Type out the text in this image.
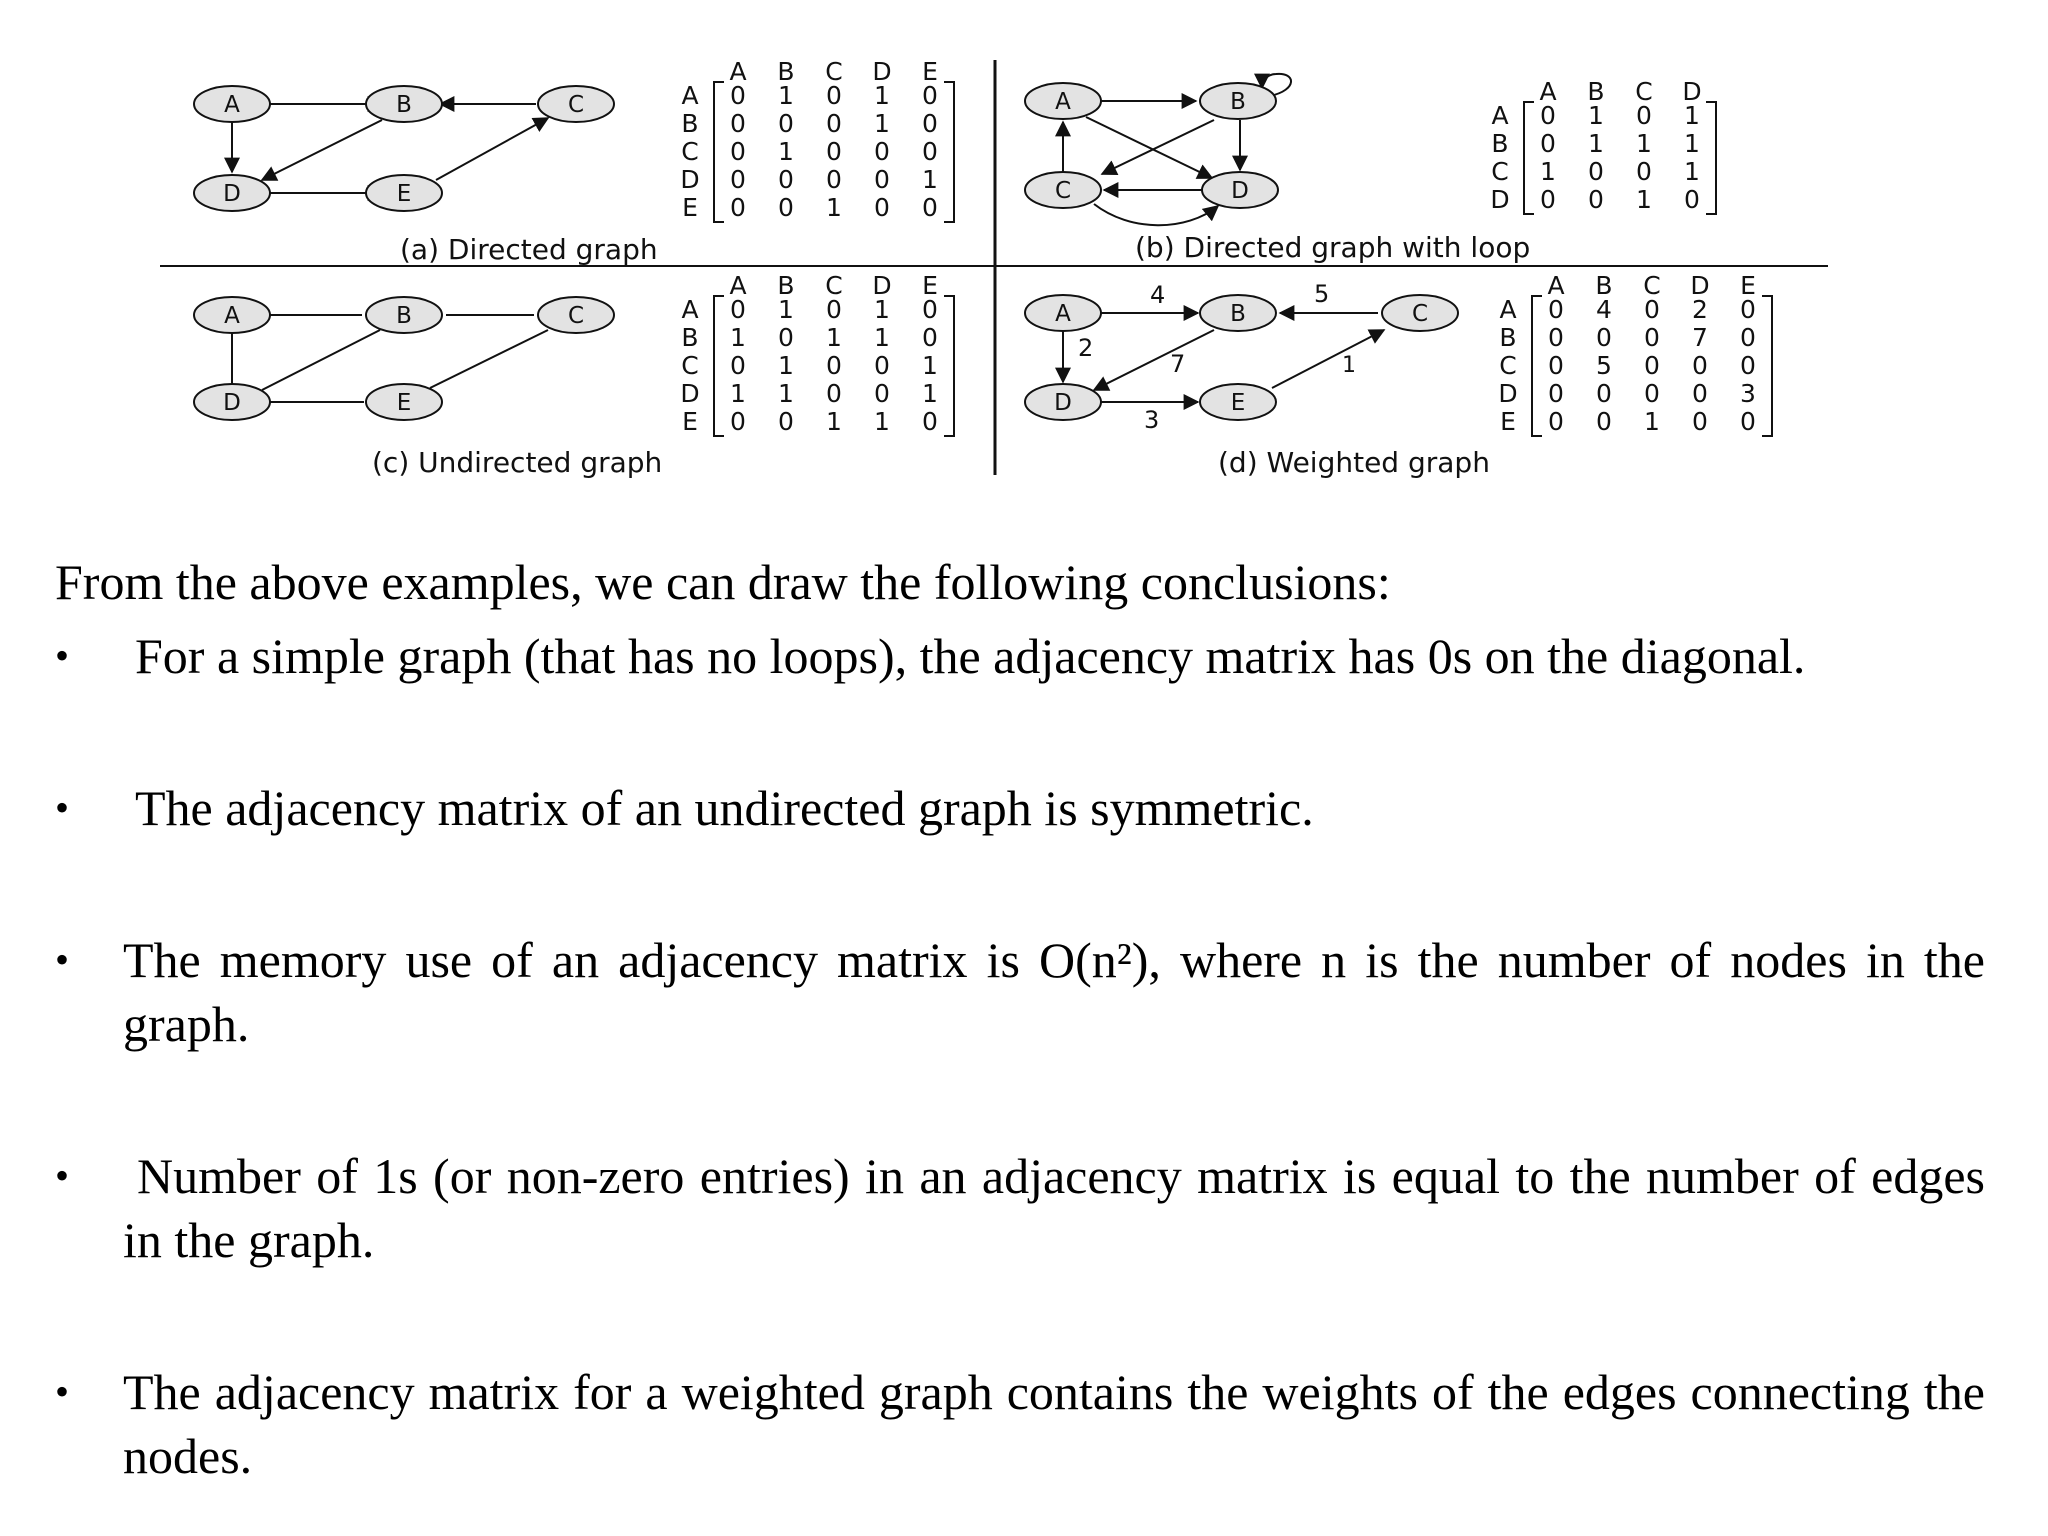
4	5
2
7	1
3
A	B	C
D	E
A	B
C	D
A	B	C
D	E
A	B	C
D	E
A B C D E
A 0 1 0 1 0
B 0 0 0 1 0
C 0 1 0 0 0
D 0 0 0 0 1
E 0 0 1 0 0
A B C D
A 0 1 0 1
B 0 1 1 1
C 1 0 0 1
D 0 0 1 0
A B C D E
A 0 1 0 1 0
B 1 0 1 1 0
C 0 1 0 0 1
D 1 1 0 0 1
E 0 0 1 1 0
A B C D E
A 0 4 0 2 0
B 0 0 0 7 0
C 0 5 0 0 0
D 0 0 0 0 3
E 0 0 1 0 0
(a) Directed graph	(b) Directed graph with loop
(c) Undirected graph	(d) Weighted graph

From the above examples, we can draw the following conclusions:

• For a simple graph (that has no loops), the adjacency matrix has 0s on the diagonal.
• The adjacency matrix of an undirected graph is symmetric.
• The memory use of an adjacency matrix is O(n²), where n is the number of nodes in the graph.
• Number of 1s (or non-zero entries) in an adjacency matrix is equal to the number of edges in the graph.
• The adjacency matrix for a weighted graph contains the weights of the edges connecting the nodes.
